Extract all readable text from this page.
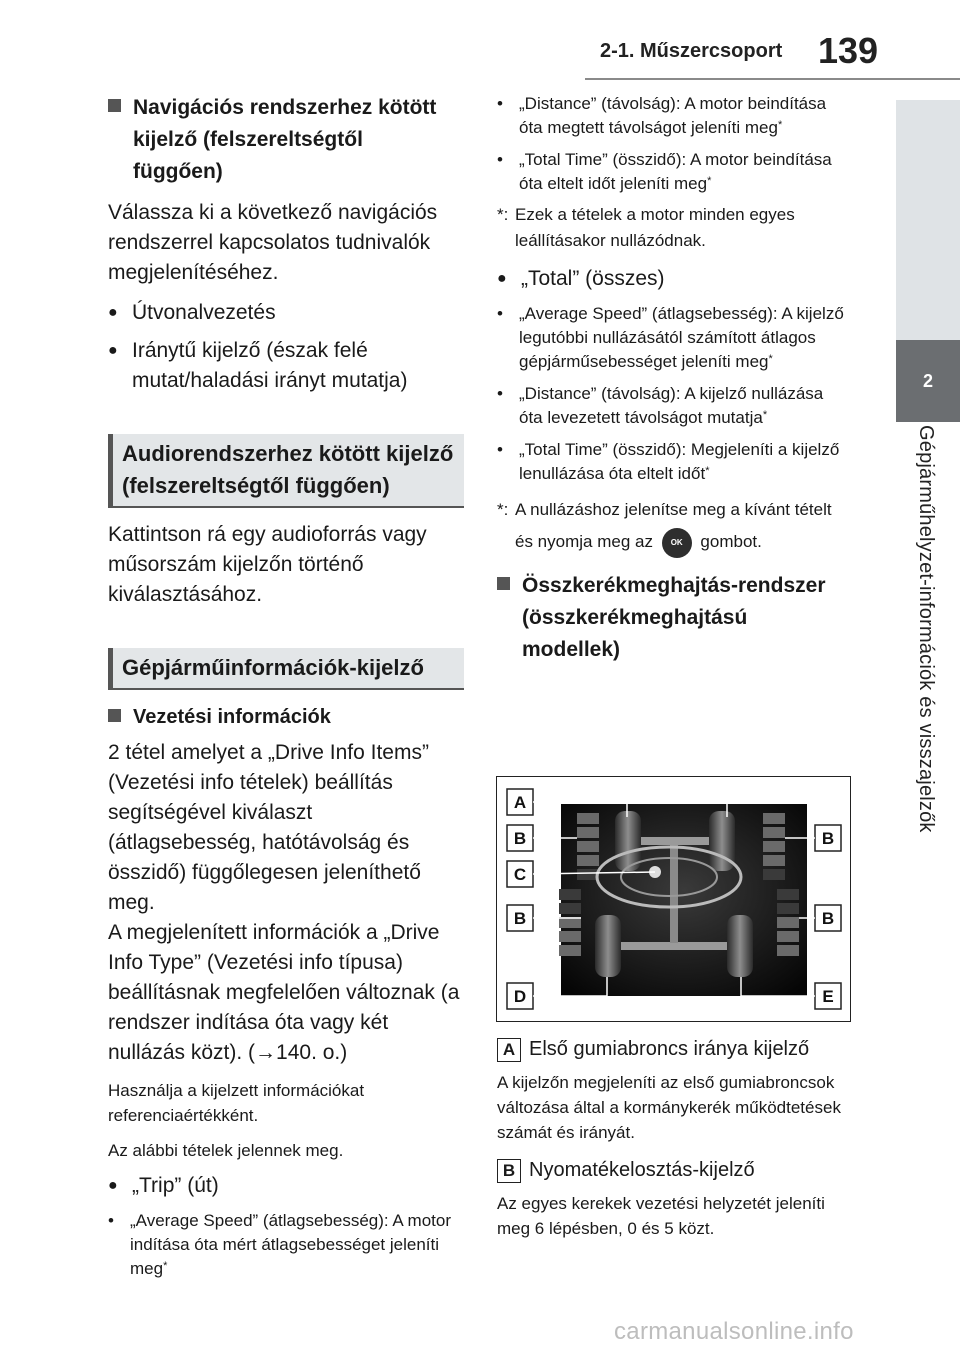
2-1. Műszercsoport 139
2
Gépjárműhelyzet-információk és visszajelzők
Navigációs rendszerhez kötött kijelző (felszereltségtől függően)

Válassza ki a következő navigációs rendszerrel kapcsolatos tudnivalók megjelenítéséhez.

● Útvonalvezetés
● Iránytű kijelző (észak felé mutat/haladási irányt mutatja)
Audiorendszerhez kötött kijelző (felszereltségtől függően)

Kattintson rá egy audioforrás vagy műsorszám kijelzőn történő kiválasztásához.

Gépjárműinformációk-kijelző
Vezetési információk

2 tétel amelyet a „Drive Info Items” (Vezetési info tételek) beállítás segítségével kiválaszt (átlagsebesség, hatótávolság és összidő) függőlegesen jeleníthető meg.

A megjelenített információk a „Drive Info Type” (Vezetési info típusa) beállításnak megfelelően változnak (a rendszer indítása óta vagy két nullázás közt). (→140. o.)

Használja a kijelzett információkat referenciaértékként.

Az alábbi tételek jelennek meg.

● „Trip” (út)
• „Average Speed” (átlagsebesség): A motor indítása óta mért átlagsebességet jeleníti meg*
• „Distance” (távolság): A motor beindítása óta megtett távolságot jeleníti meg*
• „Total Time” (összidő): A motor beindítása óta eltelt időt jeleníti meg*
*: Ezek a tételek a motor minden egyes leállításakor nullázódnak.
● „Total” (összes)
• „Average Speed” (átlagsebesség): A kijelző legutóbbi nullázásától számított átlagos gépjárműsebességet jeleníti meg*
• „Distance” (távolság): A kijelző nullázása óta levezetett távolságot mutatja*
• „Total Time” (összidő): Megjeleníti a kijelző lenullázása óta eltelt időt*
*: A nullázáshoz jelenítse meg a kívánt tételt és nyomja meg az OK gombot.
Összkerékmeghajtás-rendszer (összkerékmeghajtású modellek)
A
B	B
C
B	B
D	E
A Első gumiabroncs iránya kijelző

A kijelzőn megjeleníti az első gumiabroncsok változása által a kormánykerék működtetések számát és irányát.

B Nyomatékelosztás-kijelző

Az egyes kerekek vezetési helyzetét jeleníti meg 6 lépésben, 0 és 5 közt.

carmanualsonline.info
